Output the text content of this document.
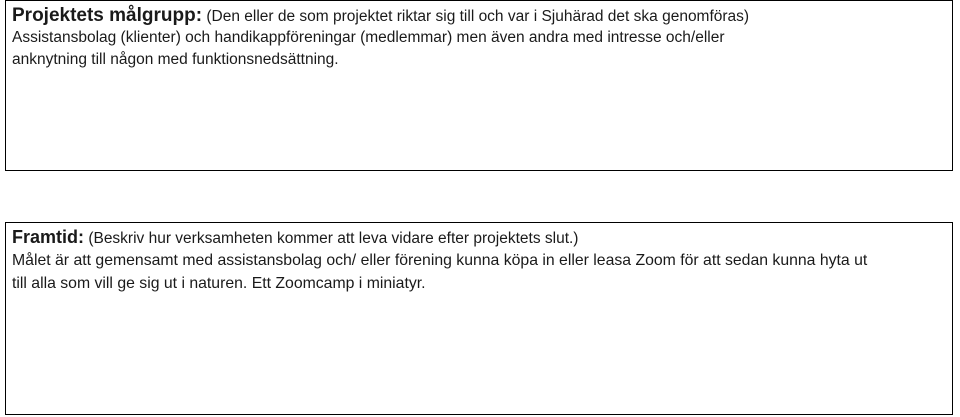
Projektets målgrupp: (Den eller de som projektet riktar sig till och var i Sjuhärad det ska genomföras)
Assistansbolag (klienter) och handikappföreningar (medlemmar) men även andra med intresse och/eller
anknytning till någon med funktionsnedsättning.
Framtid: (Beskriv hur verksamheten kommer att leva vidare efter projektets slut.)
Målet är att gemensamt med assistansbolag och/ eller förening kunna köpa in eller leasa Zoom för att sedan kunna hyta ut
till alla som vill ge sig ut i naturen. Ett Zoomcamp i miniatyr.
